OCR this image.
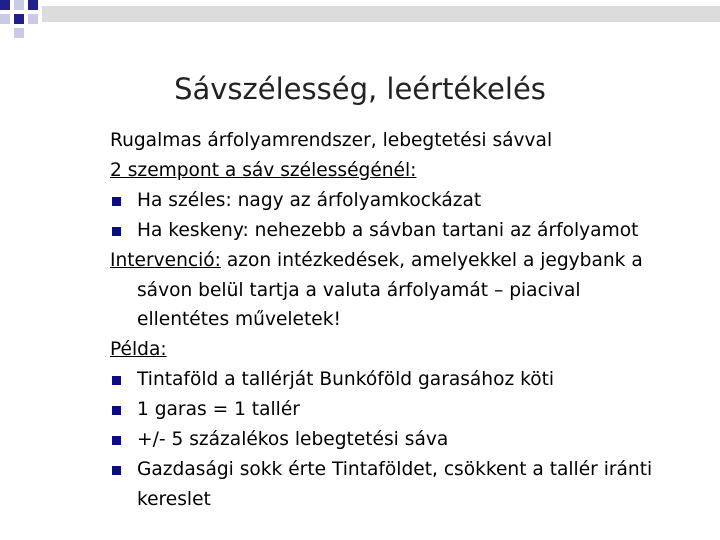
Sávszélesség, leértékelés
Rugalmas árfolyamrendszer, lebegtetési sávval
2 szempont a sáv szélességénél:
Ha széles: nagy az árfolyamkockázat
Ha keskeny: nehezebb a sávban tartani az árfolyamot
Intervenció: azon intézkedések, amelyekkel a jegybank a
sávon belül tartja a valuta árfolyamát – piacival
ellentétes műveletek!
Példa:
Tintaföld a tallérját Bunkóföld garasához köti
1 garas = 1 tallér
+/- 5 százalékos lebegtetési sáva
Gazdasági sokk érte Tintaföldet, csökkent a tallér iránti
kereslet
